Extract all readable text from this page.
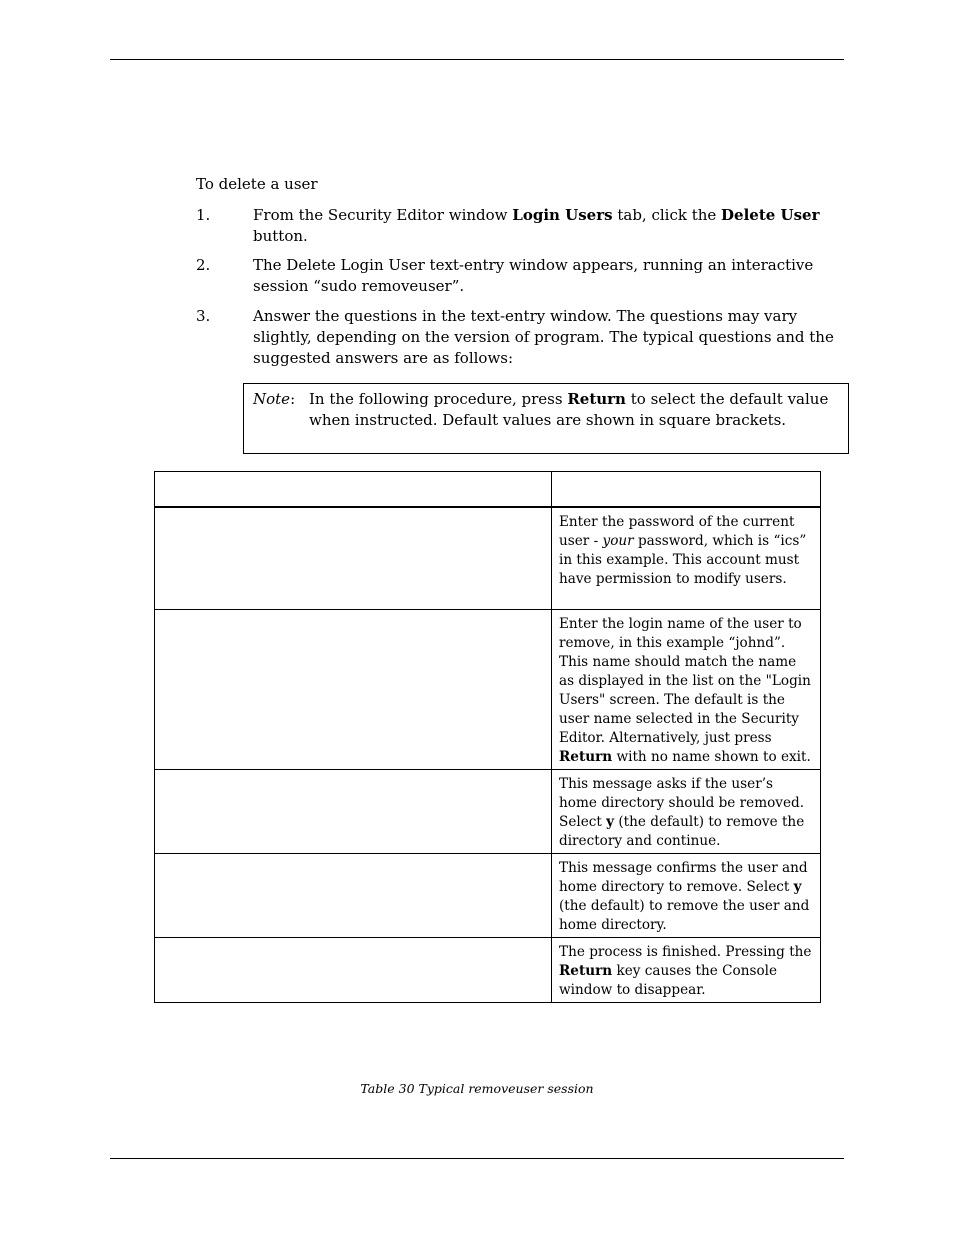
To delete a user
1.	From the Security Editor window Login Users tab, click the Delete User button.
2.	The Delete Login User text-entry window appears, running an interactive session “sudo removeuser”.
3.	Answer the questions in the text-entry window. The questions may vary slightly, depending on the version of program. The typical questions and the suggested answers are as follows:
Note: In the following procedure, press Return to select the default value when instructed. Default values are shown in square brackets.

	Enter the password of the current user - your password, which is “ics” in this example. This account must have permission to modify users.

	Enter the login name of the user to remove, in this example “johnd”. This name should match the name as displayed in the list on the "Login Users" screen. The default is the user name selected in the Security Editor. Alternatively, just press Return with no name shown to exit.

	This message asks if the user’s home directory should be removed. Select y (the default) to remove the directory and continue.

	This message confirms the user and home directory to remove. Select y (the default) to remove the user and home directory.

	The process is finished. Pressing the Return key causes the Console window to disappear.
Table 30 Typical removeuser session
